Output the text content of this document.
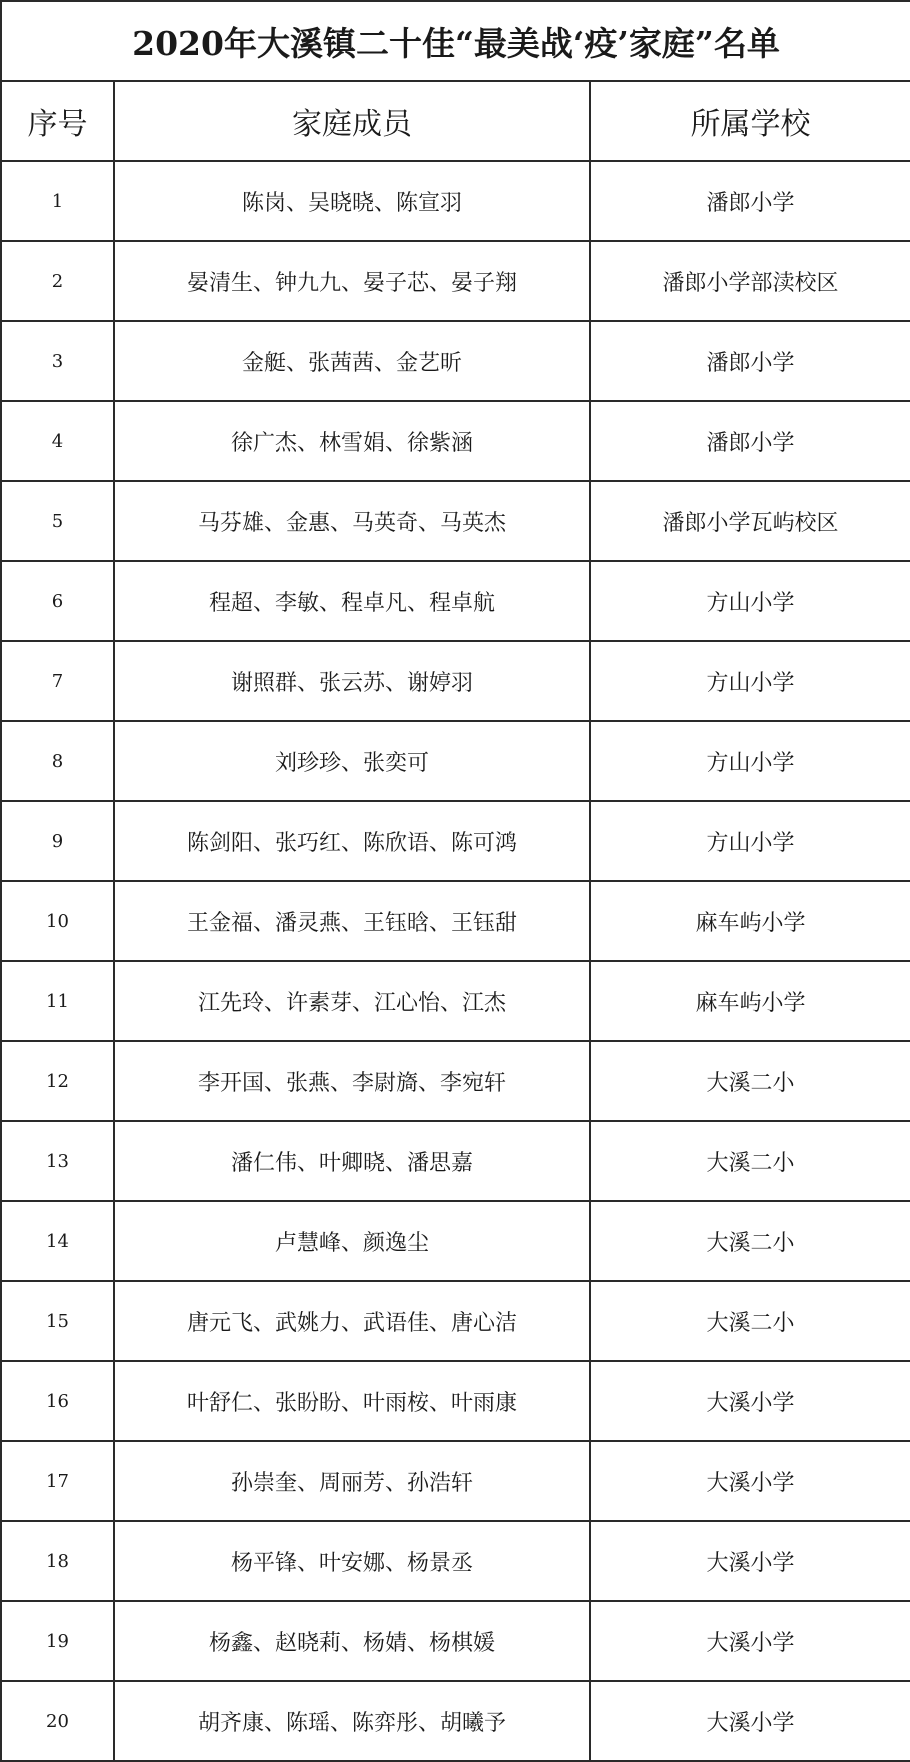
2020年大溪镇二十佳“最美战‘疫’家庭”名单		
序号	家庭成员	所属学校
1	陈岗、吴晓晓、陈宣羽	潘郎小学
2	晏清生、钟九九、晏子芯、晏子翔	潘郎小学部渎校区
3	金艇、张茜茜、金艺昕	潘郎小学
4	徐广杰、林雪娟、徐紫涵	潘郎小学
5	马芬雄、金惠、马英奇、马英杰	潘郎小学瓦屿校区
6	程超、李敏、程卓凡、程卓航	方山小学
7	谢照群、张云苏、谢婷羽	方山小学
8	刘珍珍、张奕可	方山小学
9	陈剑阳、张巧红、陈欣语、陈可鸿	方山小学
10	王金福、潘灵燕、王钰晗、王钰甜	麻车屿小学
11	江先玲、许素芽、江心怡、江杰	麻车屿小学
12	李开国、张燕、李尉旖、李宛轩	大溪二小
13	潘仁伟、叶卿晓、潘思嘉	大溪二小
14	卢慧峰、颜逸尘	大溪二小
15	唐元飞、武姚力、武语佳、唐心洁	大溪二小
16	叶舒仁、张盼盼、叶雨桉、叶雨康	大溪小学
17	孙崇奎、周丽芳、孙浩轩	大溪小学
18	杨平锋、叶安娜、杨景丞	大溪小学
19	杨鑫、赵晓莉、杨婧、杨棋媛	大溪小学
20	胡齐康、陈瑶、陈弈彤、胡曦予	大溪小学
